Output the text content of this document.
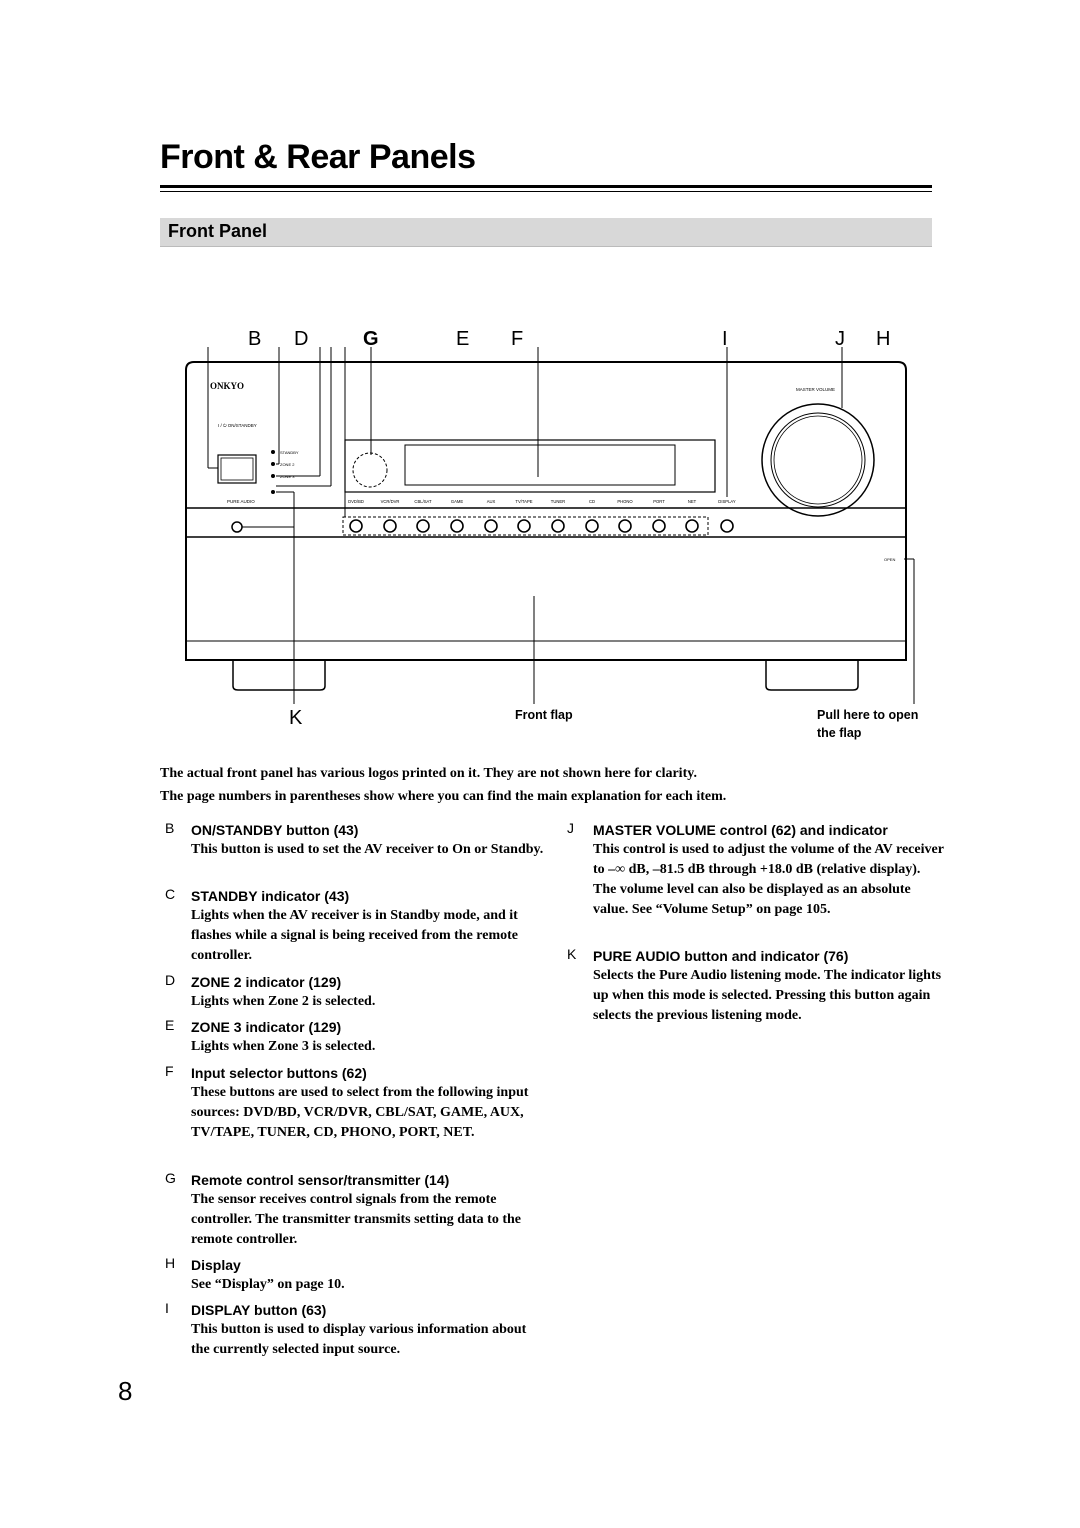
Front & Rear Panels
Front Panel
B D	G	E F	I	J H
K
ONKYO	MASTER VOLUME
I / ⏻ ON/STANDBY
STANDBY
ZONE 2
ZONE 3
PURE AUDIO
OPEN
DVD/BD	VCR/DVR	CBL/SAT	GAME	AUX	TV/TAPE	TUNER	CD	PHONO	PORT	NET	DISPLAY
Front flap	Pull here to open
the flap

The actual front panel has various logos printed on it. They are not shown here for clarity.

The page numbers in parentheses show where you can find the main explanation for each item.

B ON/STANDBY button (43)
This button is used to set the AV receiver to On or Standby.
C STANDBY indicator (43)
Lights when the AV receiver is in Standby mode, and it flashes while a signal is being received from the remote controller.
D ZONE 2 indicator (129)
Lights when Zone 2 is selected.
E ZONE 3 indicator (129)
Lights when Zone 3 is selected.
F Input selector buttons (62)
These buttons are used to select from the following input sources: DVD/BD, VCR/DVR, CBL/SAT, GAME, AUX, TV/TAPE, TUNER, CD, PHONO, PORT, NET.
G Remote control sensor/transmitter (14)
The sensor receives control signals from the remote controller. The transmitter transmits setting data to the remote controller.
H Display
See “Display” on page 10.
I DISPLAY button (63)
This button is used to display various information about the currently selected input source.
J MASTER VOLUME control (62) and indicator
This control is used to adjust the volume of the AV receiver to –∞ dB, –81.5 dB through +18.0 dB (relative display).
The volume level can also be displayed as an absolute value. See “Volume Setup” on page 105.
K PURE AUDIO button and indicator (76)
Selects the Pure Audio listening mode. The indicator lights up when this mode is selected. Pressing this button again selects the previous listening mode.
8
